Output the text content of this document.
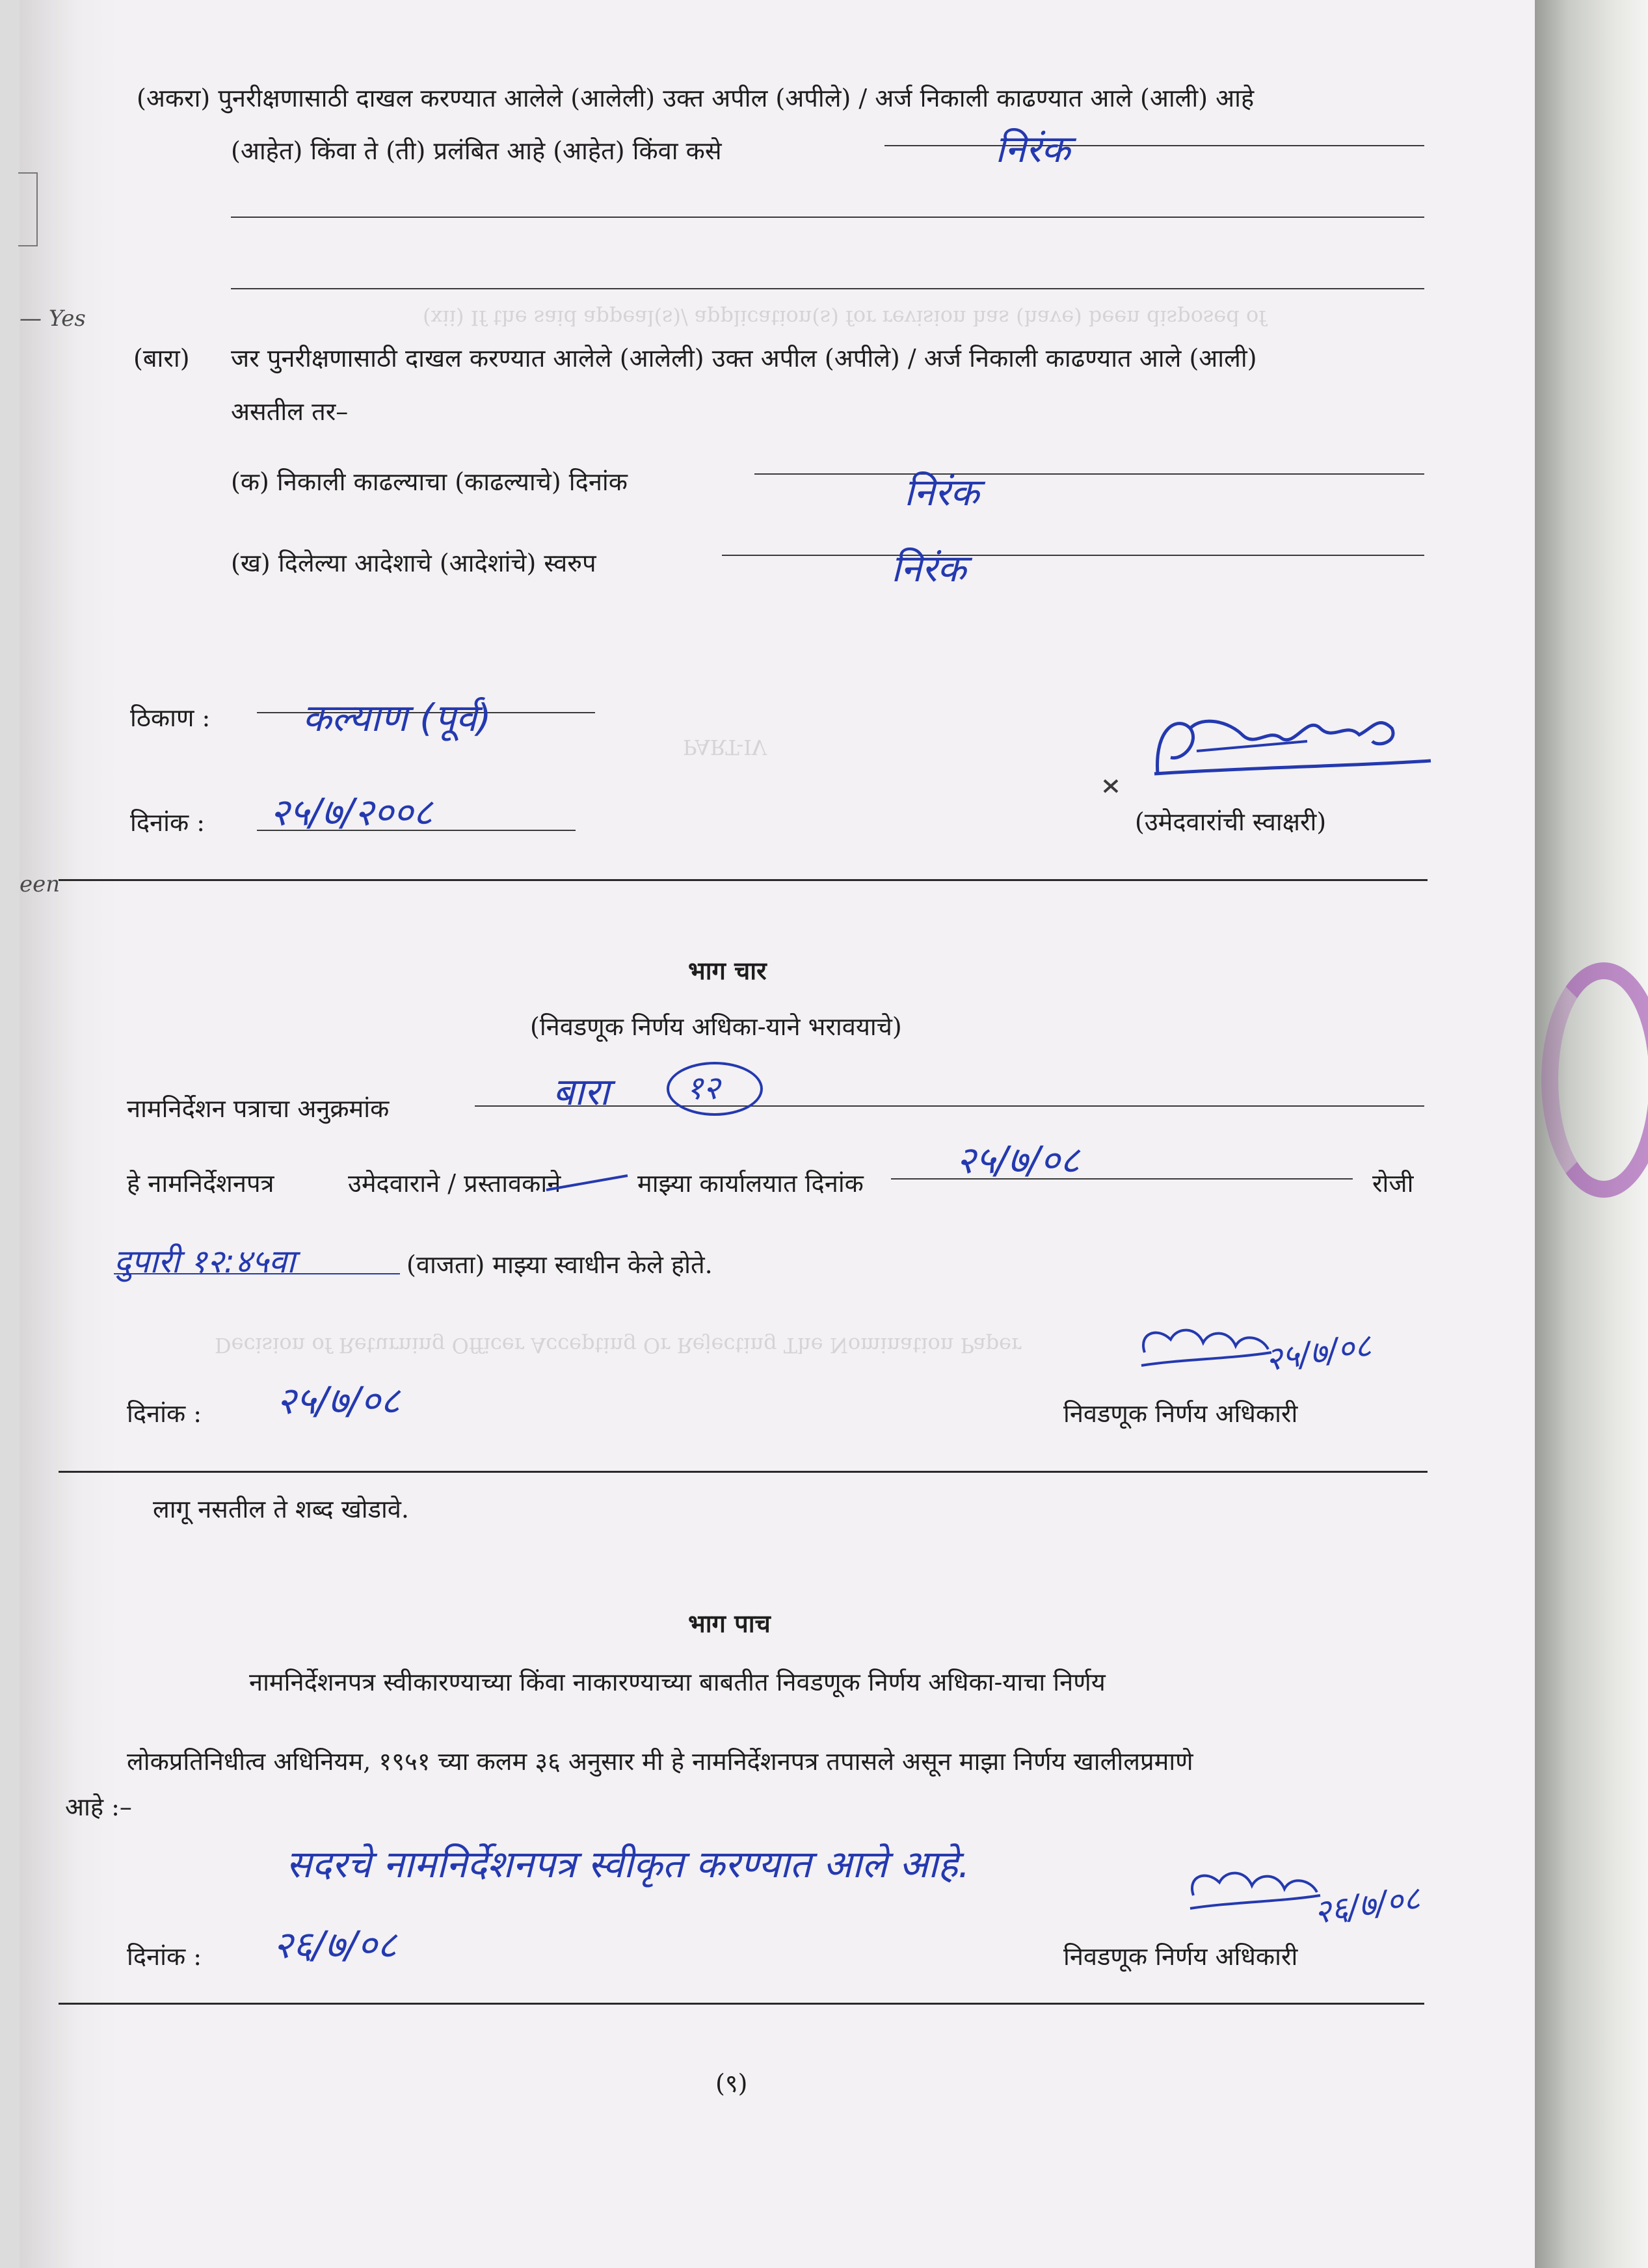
— Yes
een
(xii) If the said appeal(s)/ application(s) for revision has (have) been disposed of
PART-IV
Decision of Returning Officer Accepting Or Rejecting The Nomination Paper
(अकरा) पुनरीक्षणासाठी दाखल करण्यात आलेले (आलेली) उक्त अपील (अपीले) / अर्ज निकाली काढण्यात आले (आली) आहे
(आहेत) किंवा ते (ती) प्रलंबित आहे (आहेत) किंवा कसे	निरंक
(बारा) जर पुनरीक्षणासाठी दाखल करण्यात आलेले (आलेली) उक्त अपील (अपीले) / अर्ज निकाली काढण्यात आले (आली)
असतील तर–
(क) निकाली काढल्याचा (काढल्याचे) दिनांक	निरंक
(ख) दिलेल्या आदेशाचे (आदेशांचे) स्वरुप	निरंक
ठिकाण : कल्याण (पूर्व)
दिनांक : २५/७/२००८	(उमेदवारांची स्वाक्षरी)
भाग चार
(निवडणूक निर्णय अधिका-याने भरावयाचे)
नामनिर्देशन पत्राचा अनुक्रमांक	बारा १२
हे नामनिर्देशनपत्र	उमेदवाराने / प्रस्तावकाने	माझ्या कार्यालयात दिनांक
२५/७/०८
रोजी
दुपारी १२:४५वा	(वाजता) माझ्या स्वाधीन केले होते.
दिनांक : २५/७/०८
२५/७/०८
निवडणूक निर्णय अधिकारी
लागू नसतील ते शब्द खोडावे.
भाग पाच
नामनिर्देशनपत्र स्वीकारण्याच्या किंवा नाकारण्याच्या बाबतीत निवडणूक निर्णय अधिका-याचा निर्णय
लोकप्रतिनिधीत्व अधिनियम, १९५१ च्या कलम ३६ अनुसार मी हे नामनिर्देशनपत्र तपासले असून माझा निर्णय खालीलप्रमाणे
आहे :–
सदरचे नामनिर्देशनपत्र स्वीकृत करण्यात आले आहे.
दिनांक : २६/७/०८
२६/७/०८
निवडणूक निर्णय अधिकारी
(९)
